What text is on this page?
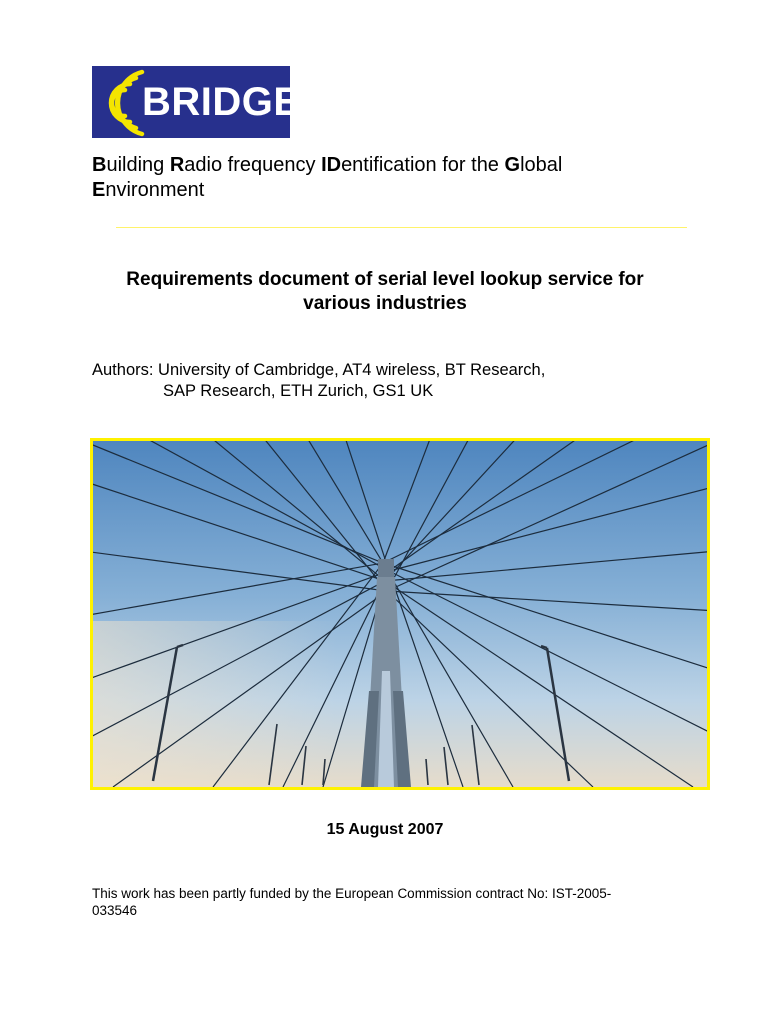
BRIDGE
Building Radio frequency IDentification for the Global
Environment
Requirements document of serial level lookup service for various industries
Authors: University of Cambridge, AT4 wireless, BT Research,
SAP Research, ETH Zurich, GS1 UK
15 August 2007
This work has been partly funded by the European Commission contract No: IST-2005-
033546
